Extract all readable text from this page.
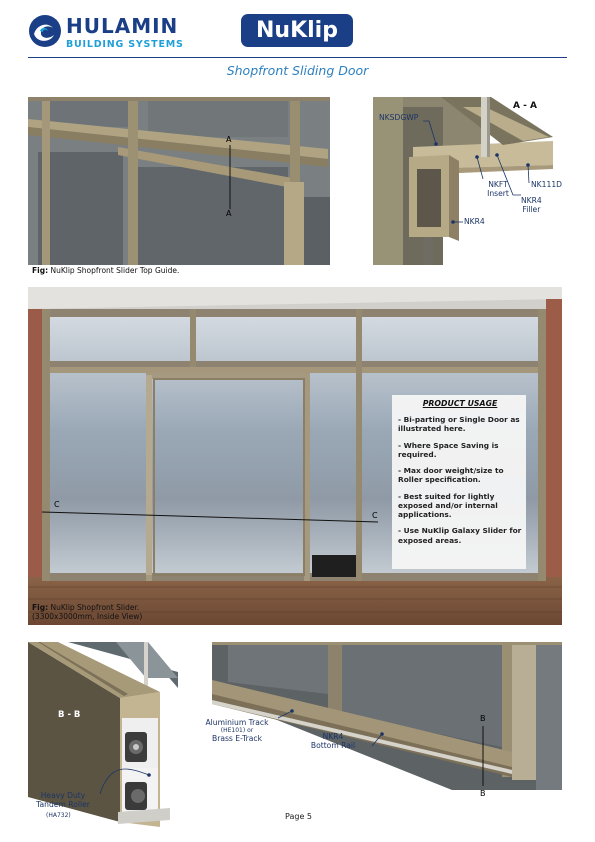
HULAMIN
BUILDING SYSTEMS
NuKlip
Shopfront Sliding Door
A
A
Fig: NuKlip Shopfront Slider Top Guide.
A - A
NKSDGWP
NKFT
Insert
NK111D
NKR4
Filler
NKR4
C
C
PRODUCT USAGE
- Bi-parting or Single Door as illustrated here.
- Where Space Saving is required.
- Max door weight/size to Roller specification.
- Best suited for lightly exposed and/or internal applications.
- Use NuKlip Galaxy Slider for exposed areas.
Fig: NuKlip Shopfront Slider.
(3300x3000mm, Inside View)
B - B
Heavy Duty
Tandem Roller
(HA732)
B
B
Aluminium Track
(HE101) or
Brass E-Track	NKR4
Bottom Rail
Page 5
